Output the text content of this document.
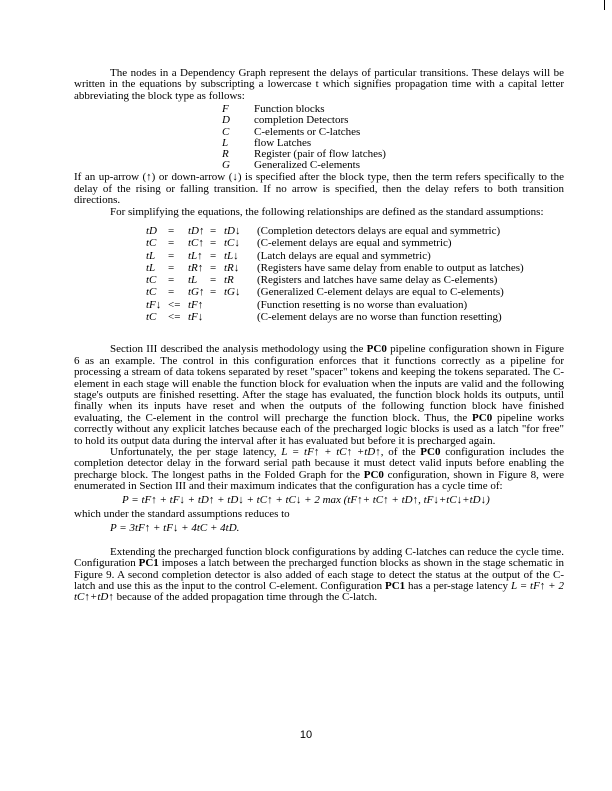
The nodes in a Dependency Graph represent the delays of particular transitions. These delays will be written in the equations by subscripting a lowercase t which signifies propagation time with a capital letter abbreviating the block type as follows:

F	Function blocks
D	completion Detectors
C	C-elements or C-latches
L	flow Latches
R	Register (pair of flow latches)
G	Generalized C-elements

If an up-arrow (↑) or down-arrow (↓) is specified after the block type, then the term refers specifically to the delay of the rising or falling transition. If no arrow is specified, then the delay refers to both transition directions.

For simplifying the equations, the following relationships are defined as the standard assumptions:

tD	=	tD↑ = tD↓	(Completion detectors delays are equal and symmetric)
tC	=	tC↑ = tC↓	(C-element delays are equal and symmetric)
tL	=	tL↑ = tL↓	(Latch delays are equal and symmetric)
tL	=	tR↑ = tR↓	(Registers have same delay from enable to output as latches)
tC	=	tL	= tR	(Registers and latches have same delay as C-elements)
tC	=	tG↑ = tG↓	(Generalized C-element delays are equal to C-elements)
tF↓ <= tF↑	(Function resetting is no worse than evaluation)
tC	<= tF↓	(C-element delays are no worse than function resetting)

Section III described the analysis methodology using the PC0 pipeline configuration shown in Figure 6 as an example. The control in this configuration enforces that it functions correctly as a pipeline for processing a stream of data tokens separated by reset "spacer" tokens and keeping the tokens separated. The C-element in each stage will enable the function block for evaluation when the inputs are valid and the following stage's outputs are finished resetting. After the stage has evaluated, the function block holds its outputs, until finally when its inputs have reset and when the outputs of the following function block have finished evaluating, the C-element in the control will precharge the function block. Thus, the PC0 pipeline works correctly without any explicit latches because each of the precharged logic blocks is used as a latch "for free" to hold its output data during the interval after it has evaluated but before it is precharged again.

Unfortunately, the per stage latency, L = tF↑ + tC↑ +tD↑, of the PC0 configuration includes the completion detector delay in the forward serial path because it must detect valid inputs before enabling the precharge block. The longest paths in the Folded Graph for the PC0 configuration, shown in Figure 8, were enumerated in Section III and their maximum indicates that the configuration has a cycle time of:

P = tF↑ + tF↓ + tD↑ + tD↓ + tC↑ + tC↓ + 2 max (tF↑+ tC↑ + tD↑, tF↓+tC↓+tD↓)

which under the standard assumptions reduces to

P = 3tF↑ + tF↓ + 4tC + 4tD.

Extending the precharged function block configurations by adding C-latches can reduce the cycle time. Configuration PC1 imposes a latch between the precharged function blocks as shown in the stage schematic in Figure 9. A second completion detector is also added of each stage to detect the status at the output of the C-latch and use this as the input to the control C-element. Configuration PC1 has a per-stage latency L = tF↑ + 2 tC↑+tD↑ because of the added propagation time through the C-latch.

10
